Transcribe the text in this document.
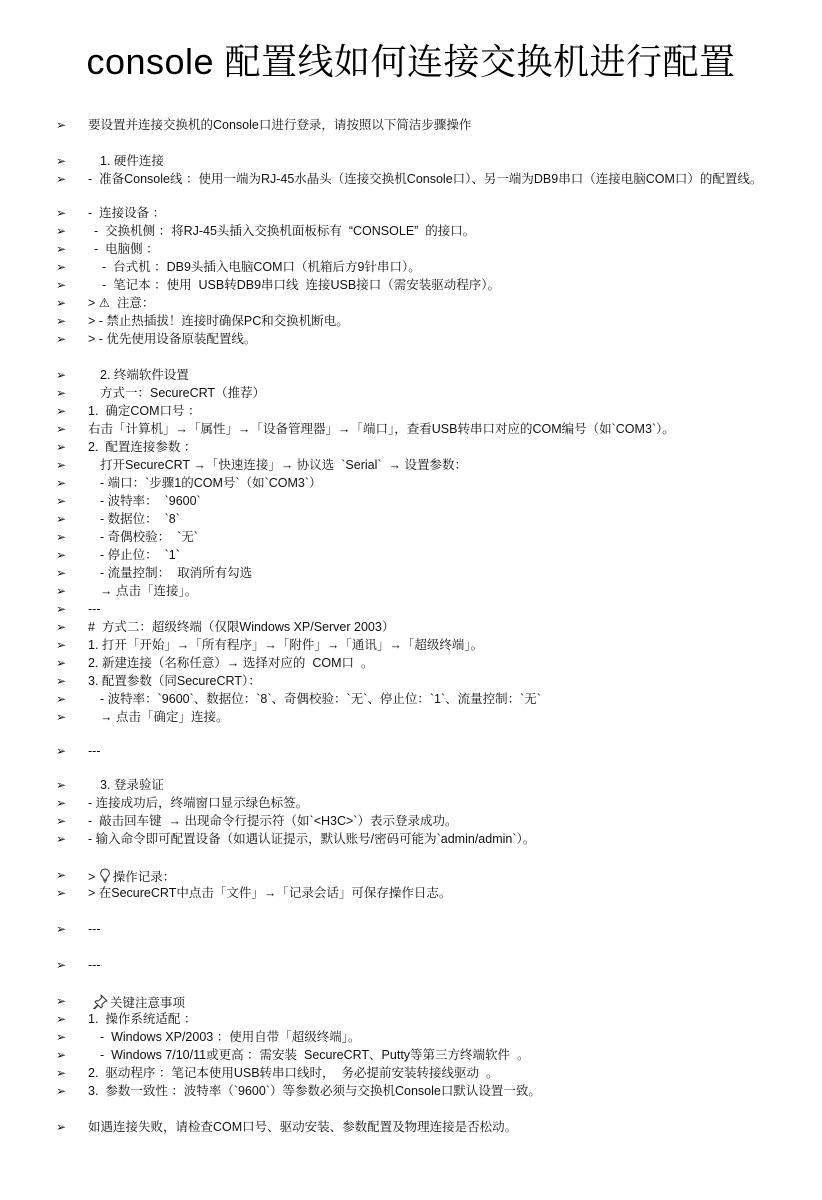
console 配置线如何连接交换机进行配置
➢	要设置并连接交换机的Console口进行登录，请按照以下简洁步骤操作
➢	1. 硬件连接
➢	-  准备Console线 ：使用一端为RJ-45水晶头（连接交换机Console口）、另一端为DB9串口（连接电脑COM口）的配置线。
➢	-  连接设备 ：
➢	-  交换机侧 ：将RJ-45头插入交换机面板标有  “CONSOLE”  的接口。
➢	-  电脑侧 ：
➢	-  台式机 ：DB9头插入电脑COM口（机箱后方9针串口）。
➢	-  笔记本 ：使用  USB转DB9串口线  连接USB接口（需安装驱动程序）。
➢	> ⚠  注意：
➢	> - 禁止热插拔！连接时确保PC和交换机断电。
➢	> - 优先使用设备原装配置线。
➢	2. 终端软件设置
➢	方式一：SecureCRT（推荐）
➢	1.  确定COM口号 ：
➢	右击「计算机」→「属性」→「设备管理器」→「端口」，查看USB转串口对应的COM编号（如`COM3`）。
➢	2.  配置连接参数 ：
➢	打开SecureCRT →「快速连接」→ 协议选  `Serial`  → 设置参数：
➢	- 端口：`步骤1的COM号`（如`COM3`）
➢	- 波特率：  `9600`
➢	- 数据位：  `8`
➢	- 奇偶校验：  `无`
➢	- 停止位：  `1`
➢	- 流量控制：  取消所有勾选
➢	→ 点击「连接」。
➢	---
➢	#  方式二：超级终端（仅限Windows XP/Server 2003）
➢	1. 打开「开始」→「所有程序」→「附件」→「通讯」→「超级终端」。
➢	2. 新建连接（名称任意）→ 选择对应的  COM口  。
➢	3. 配置参数（同SecureCRT）：
➢	- 波特率：`9600`、数据位：`8`、奇偶校验：`无`、停止位：`1`、流量控制：`无`
➢	→ 点击「确定」连接。
➢	---
➢	3. 登录验证
➢	- 连接成功后，终端窗口显示绿色标签。
➢	-  敲击回车键  → 出现命令行提示符（如`<H3C>`）表示登录成功。
➢	- 输入命令即可配置设备（如遇认证提示，默认账号/密码可能为`admin/admin`）。
➢	> 操作记录：
➢	> 在SecureCRT中点击「文件」→「记录会话」可保存操作日志。
➢	---
➢	---
➢	关键注意事项
➢	1.  操作系统适配 ：
➢	-  Windows XP/2003 ：使用自带「超级终端」。
➢	-  Windows 7/10/11或更高 ：需安装  SecureCRT、Putty等第三方终端软件  。
➢	2.  驱动程序 ：笔记本使用USB转串口线时，  务必提前安装转接线驱动  。
➢	3.  参数一致性 ：波特率（`9600`）等参数必须与交换机Console口默认设置一致。
➢	如遇连接失败，请检查COM口号、驱动安装、参数配置及物理连接是否松动。
